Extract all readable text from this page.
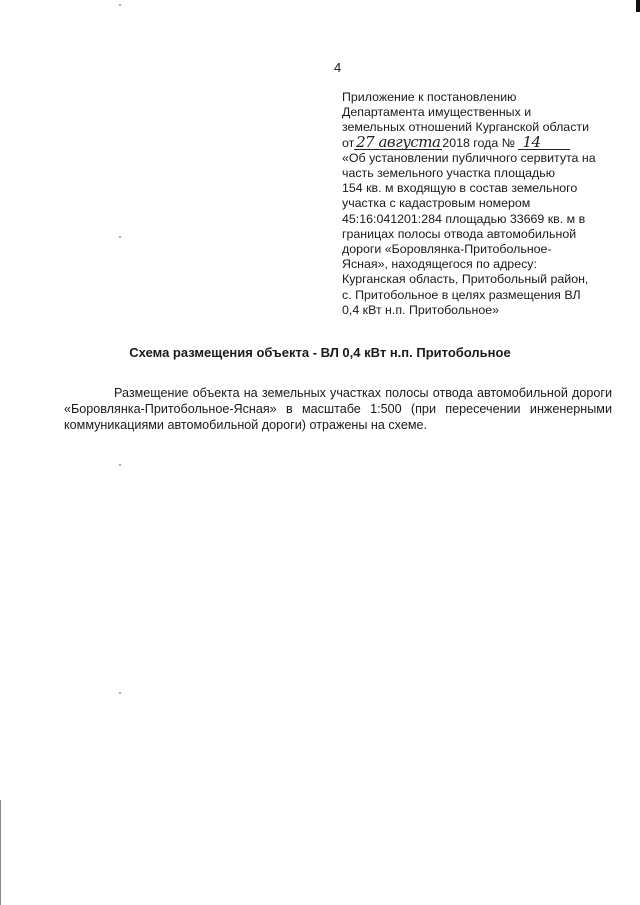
4
Приложение к постановлению
Департамента имущественных и
земельных отношений Курганской области
от 27 августа 2018 года № 14
«Об установлении публичного сервитута на
часть земельного участка площадью
154 кв. м входящую в состав земельного
участка с кадастровым номером
45:16:041201:284 площадью 33669 кв. м в
границах полосы отвода автомобильной
дороги «Боровлянка-Притобольное-
Ясная», находящегося по адресу:
Курганская область, Притобольный район,
с. Притобольное в целях размещения ВЛ
0,4 кВт н.п. Притобольное»
Схема размещения объекта - ВЛ 0,4 кВт н.п. Притобольное
Размещение объекта на земельных участках полосы отвода автомобильной дороги «Боровлянка-Притобольное-Ясная» в масштабе 1:500 (при пересечении инженерными коммуникациями автомобильной дороги) отражены на схеме.
